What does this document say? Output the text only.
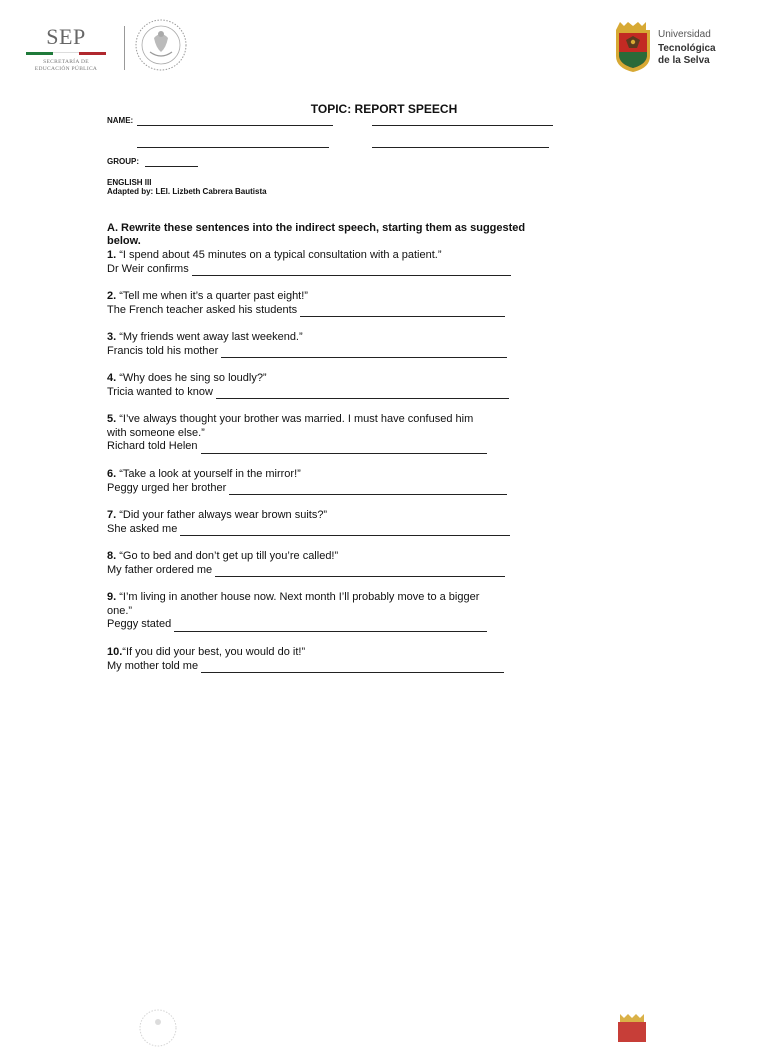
SEP
SECRETARÍA DE
EDUCACIÓN PÚBLICA
Universidad
Tecnológica
de la Selva
TOPIC: REPORT SPEECH
NAME:
GROUP:
ENGLISH III
Adapted by: LEI. Lizbeth Cabrera Bautista
A. Rewrite these sentences into the indirect speech, starting them as suggested below.
1. “I spend about 45 minutes on a typical consultation with a patient.”
Dr Weir confirms
2. “Tell me when it’s a quarter past eight!”
The French teacher asked his students
3. “My friends went away last weekend.”
Francis told his mother
4. “Why does he sing so loudly?”
Tricia wanted to know
5. “I’ve always thought your brother was married. I must have confused him with someone else.”
Richard told Helen
6. “Take a look at yourself in the mirror!”
Peggy urged her brother
7. “Did your father always wear brown suits?”
She asked me
8. “Go to bed and don’t get up till you’re called!”
My father ordered me
9. “I’m living in another house now. Next month I’ll probably move to a bigger one.”
Peggy stated
10.“If you did your best, you would do it!”
My mother told me
